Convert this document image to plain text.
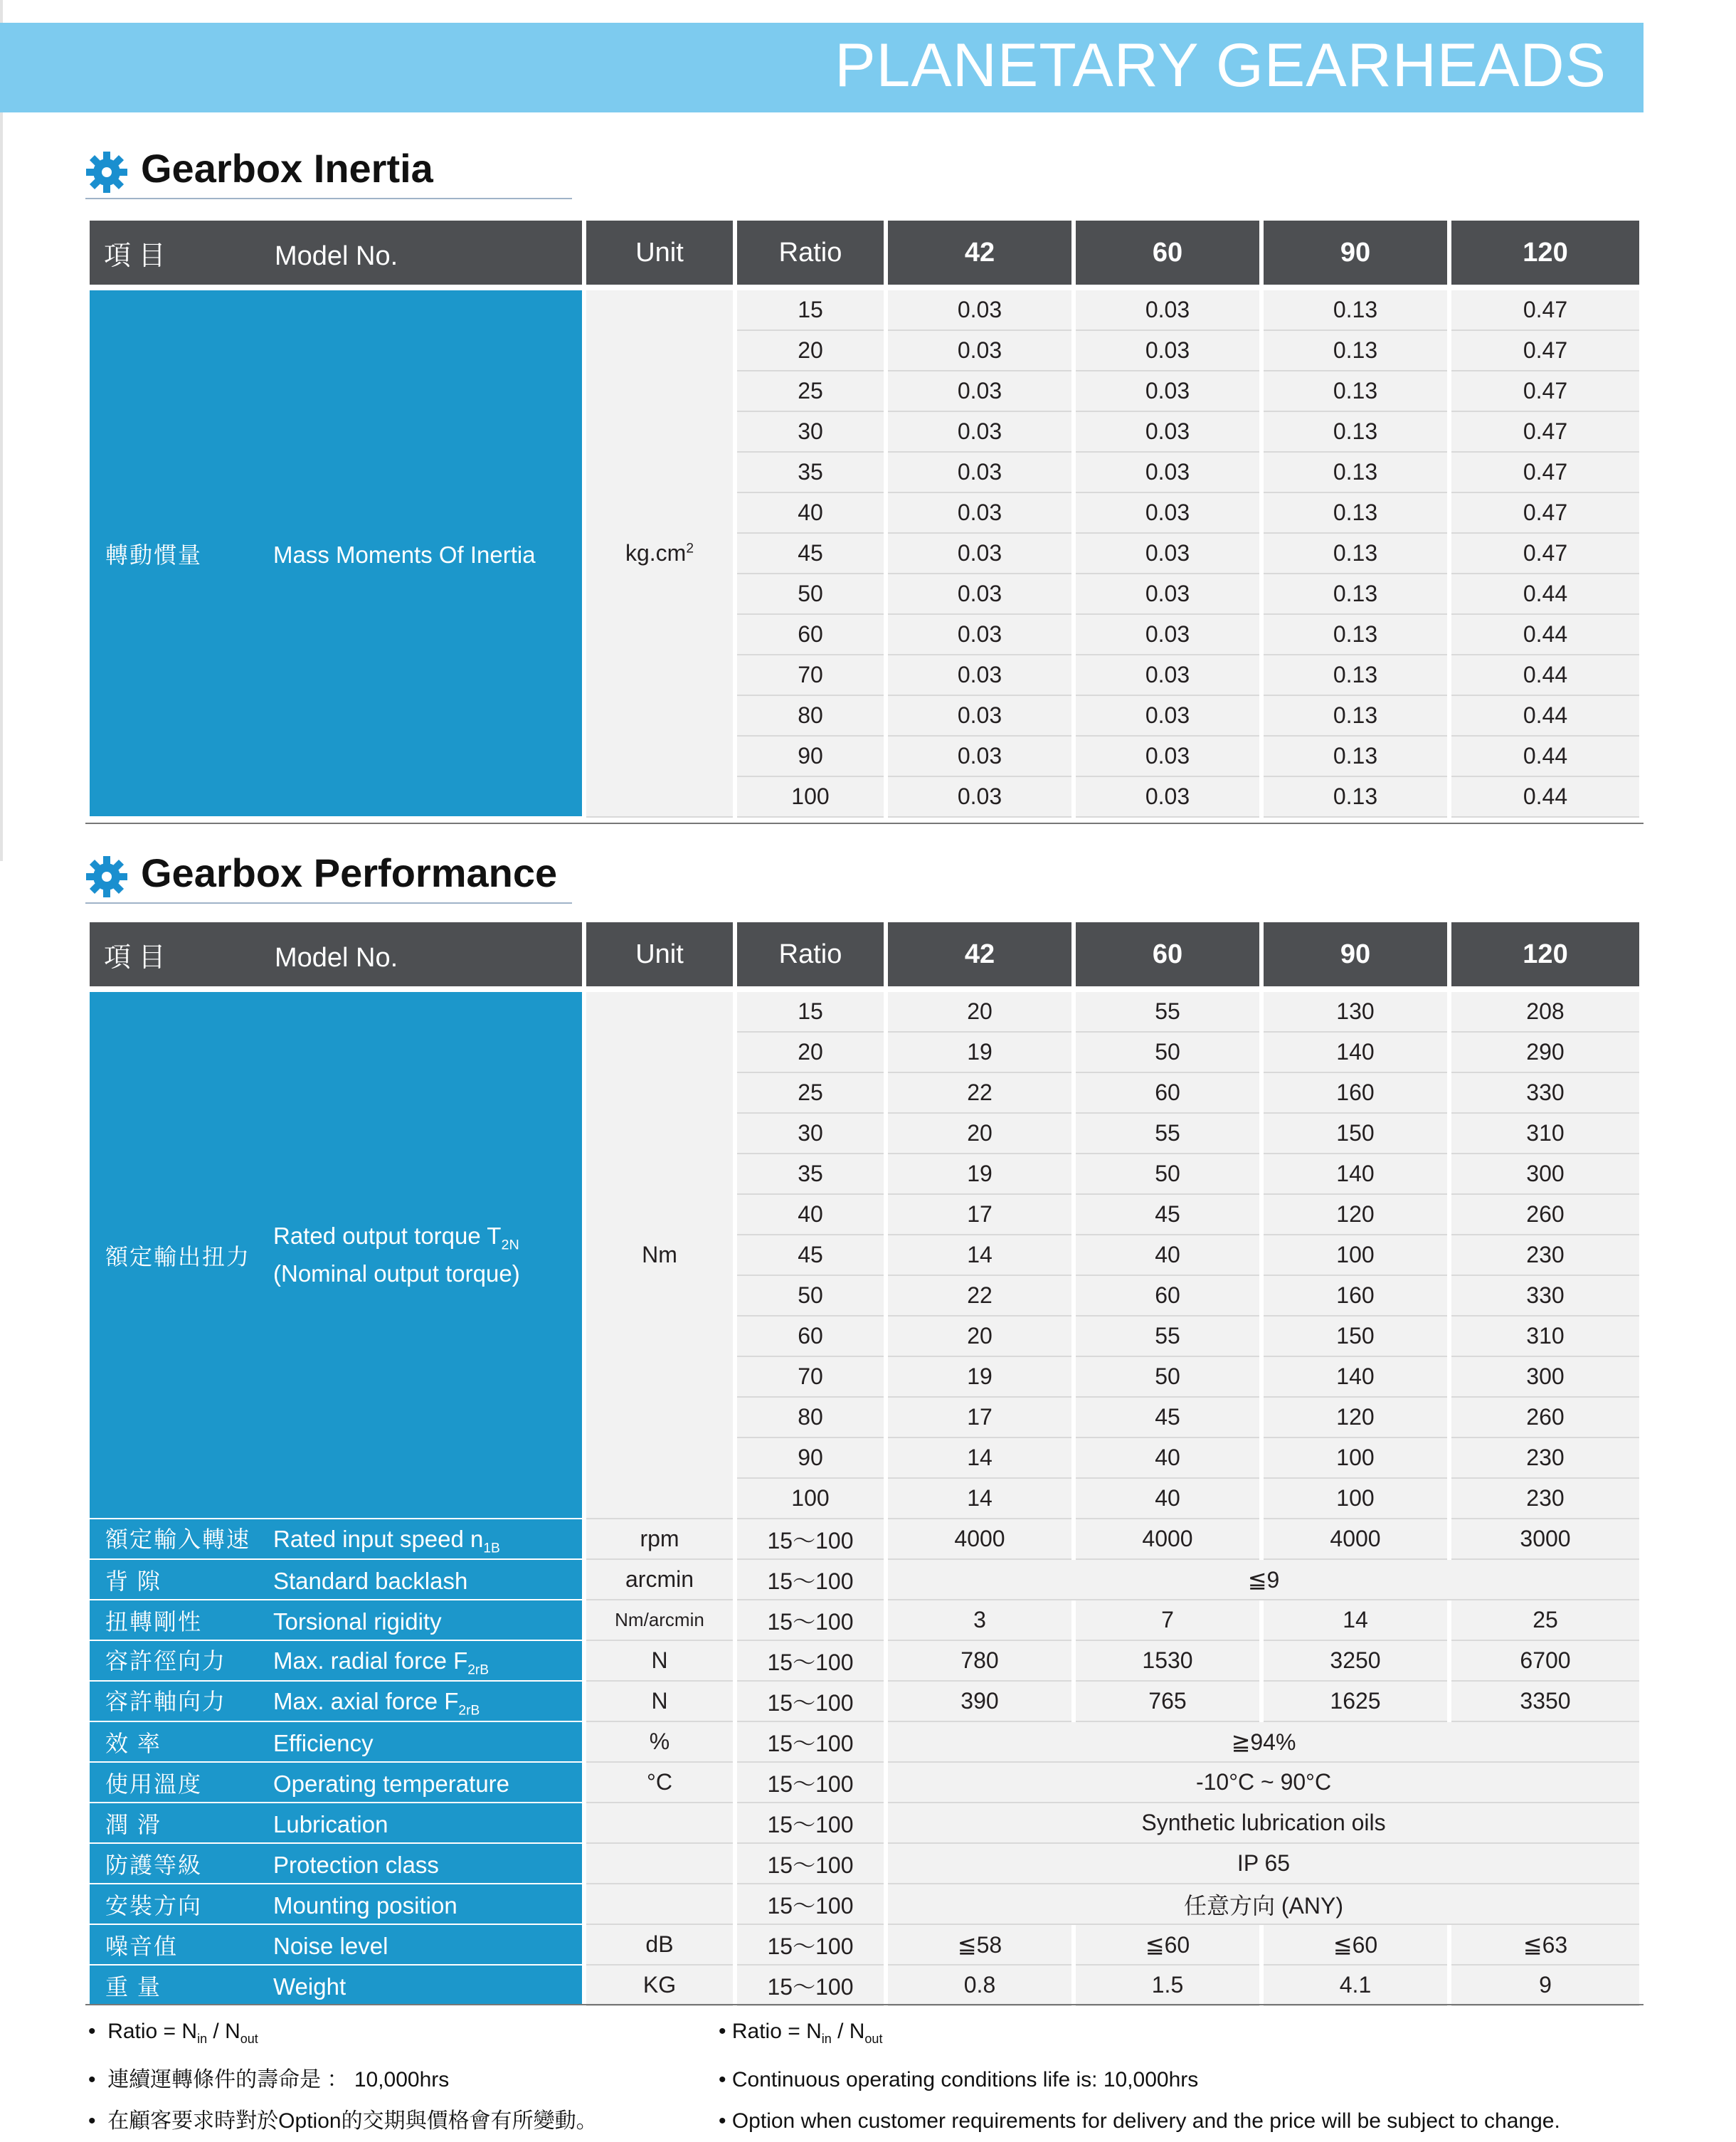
PLANETARY GEARHEADS
Gearbox Inertia
項 目 Model No.	Unit	Ratio	42	60	90	120

轉動慣量 Mass Moments Of Inertia	$kg.cm^2$	15	0.03	0.03	0.13	0.47
		20	0.03	0.03	0.13	0.47
		25	0.03	0.03	0.13	0.47
		30	0.03	0.03	0.13	0.47
		35	0.03	0.03	0.13	0.47
		40	0.03	0.03	0.13	0.47
		45	0.03	0.03	0.13	0.47
		50	0.03	0.03	0.13	0.44
		60	0.03	0.03	0.13	0.44
		70	0.03	0.03	0.13	0.44
		80	0.03	0.03	0.13	0.44
		90	0.03	0.03	0.13	0.44
		100	0.03	0.03	0.13	0.44
Gearbox Performance
項 目 Model No.	Unit	Ratio	42	60	90	120

額定輸出扭力
Rated output torque $T_{2N}$
(Nominal output torque)	Nm	15	20	55	130	208
		20	19	50	140	290
		25	22	60	160	330
		30	20	55	150	310
		35	19	50	140	300
		40	17	45	120	260
		45	14	40	100	230
		50	22	60	160	330
		60	20	55	150	310
		70	19	50	140	300
		80	17	45	120	260
		90	14	40	100	230
		100	14	40	100	230
額定輸入轉速 Rated input speed $n_{1B}$	rpm	15～100	4000	4000	4000	3000
背 隙 Standard backlash	arcmin	15～100	≦9			
扭轉剛性 Torsional rigidity	Nm/arcmin	15～100	3	7	14	25
容許徑向力 Max. radial force $F_{2rB}$	N	15～100	780	1530	3250	6700
容許軸向力 Max. axial force $F_{2rB}$	N	15～100	390	765	1625	3350
效 率 Efficiency	%	15～100	≧94%			
使用溫度 Operating temperature	°C	15～100	-10°C ~ 90°C			
潤 滑 Lubrication		15～100	Synthetic lubrication oils			
防護等級 Protection class		15～100	IP 65			
安裝方向 Mounting position		15～100	任意方向 (ANY)			
噪音值 Noise level	dB	15～100	≦58	≦60	≦60	≦63
重 量 Weight	KG	15～100	0.8	1.5	4.1	9
•  Ratio = $N_{in} / N_{out}$
•  連續運轉條件的壽命是 ： 10,000hrs
•  在顧客要求時對於Option的交期與價格會有所變動。
• Ratio = $N_{in} / N_{out}$
• Continuous operating conditions life is: 10,000hrs
• Option when customer requirements for delivery and the price will be subject to change.
